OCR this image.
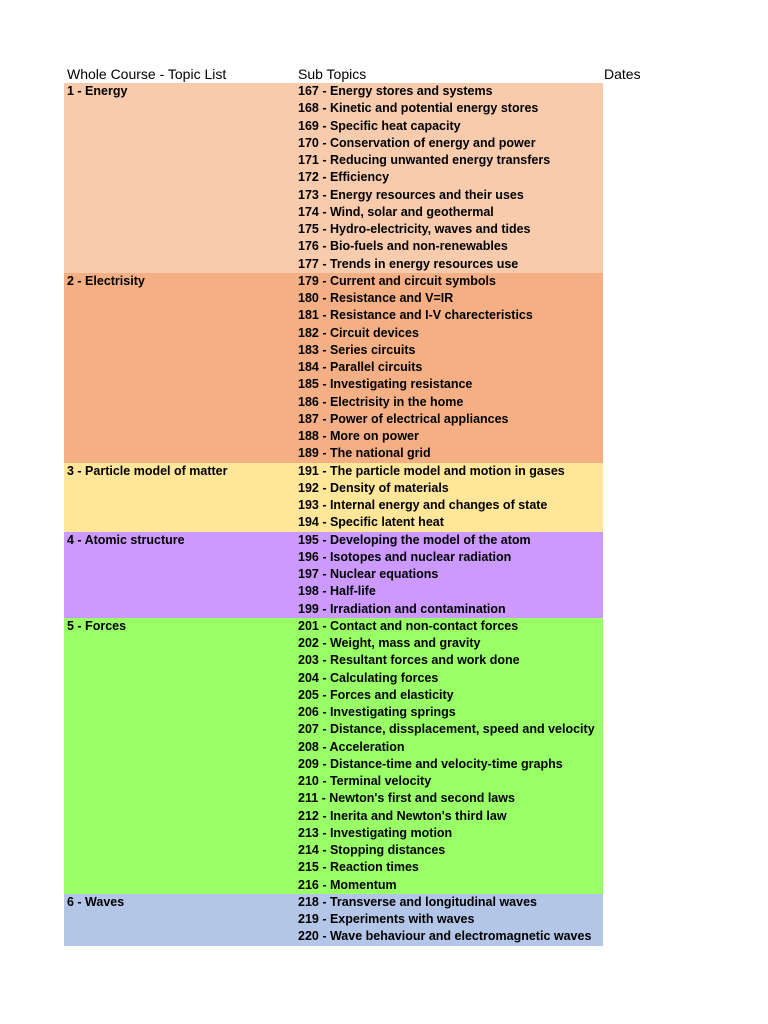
Whole Course - Topic List	Sub Topics	Dates
1 - Energy	167 - Energy stores and systems
168 - Kinetic and potential energy stores
169 - Specific heat capacity
170 - Conservation of energy and power
171 - Reducing unwanted energy transfers
172 - Efficiency
173 - Energy resources and their uses
174 - Wind, solar and geothermal
175 - Hydro-electricity, waves and tides
176 - Bio-fuels and non-renewables
177 - Trends in energy resources use
2 - Electrisity	179 - Current and circuit symbols
180 - Resistance and V=IR
181 - Resistance and I-V charecteristics
182 - Circuit devices
183 - Series circuits
184 - Parallel circuits
185 - Investigating resistance
186 - Electrisity in the home
187 - Power of electrical appliances
188 - More on power
189 - The national grid
3 - Particle model of matter	191 - The particle model and motion in gases
192 - Density of materials
193 - Internal energy and changes of state
194 - Specific latent heat
4 - Atomic structure	195 - Developing the model of the atom
196 - Isotopes and nuclear radiation
197 - Nuclear equations
198 - Half-life
199 - Irradiation and contamination
5 - Forces	201 - Contact and non-contact forces
202 - Weight, mass and gravity
203 - Resultant forces and work done
204 - Calculating forces
205 - Forces and elasticity
206 - Investigating springs
207 - Distance, dissplacement, speed and velocity
208 - Acceleration
209 - Distance-time and velocity-time graphs
210 - Terminal velocity
211 - Newton's first and second laws
212 - Inerita and Newton's third law
213 - Investigating motion
214 - Stopping distances
215 - Reaction times
216 - Momentum
6 - Waves	218 - Transverse and longitudinal waves
219 - Experiments with waves
220 - Wave behaviour and electromagnetic waves
